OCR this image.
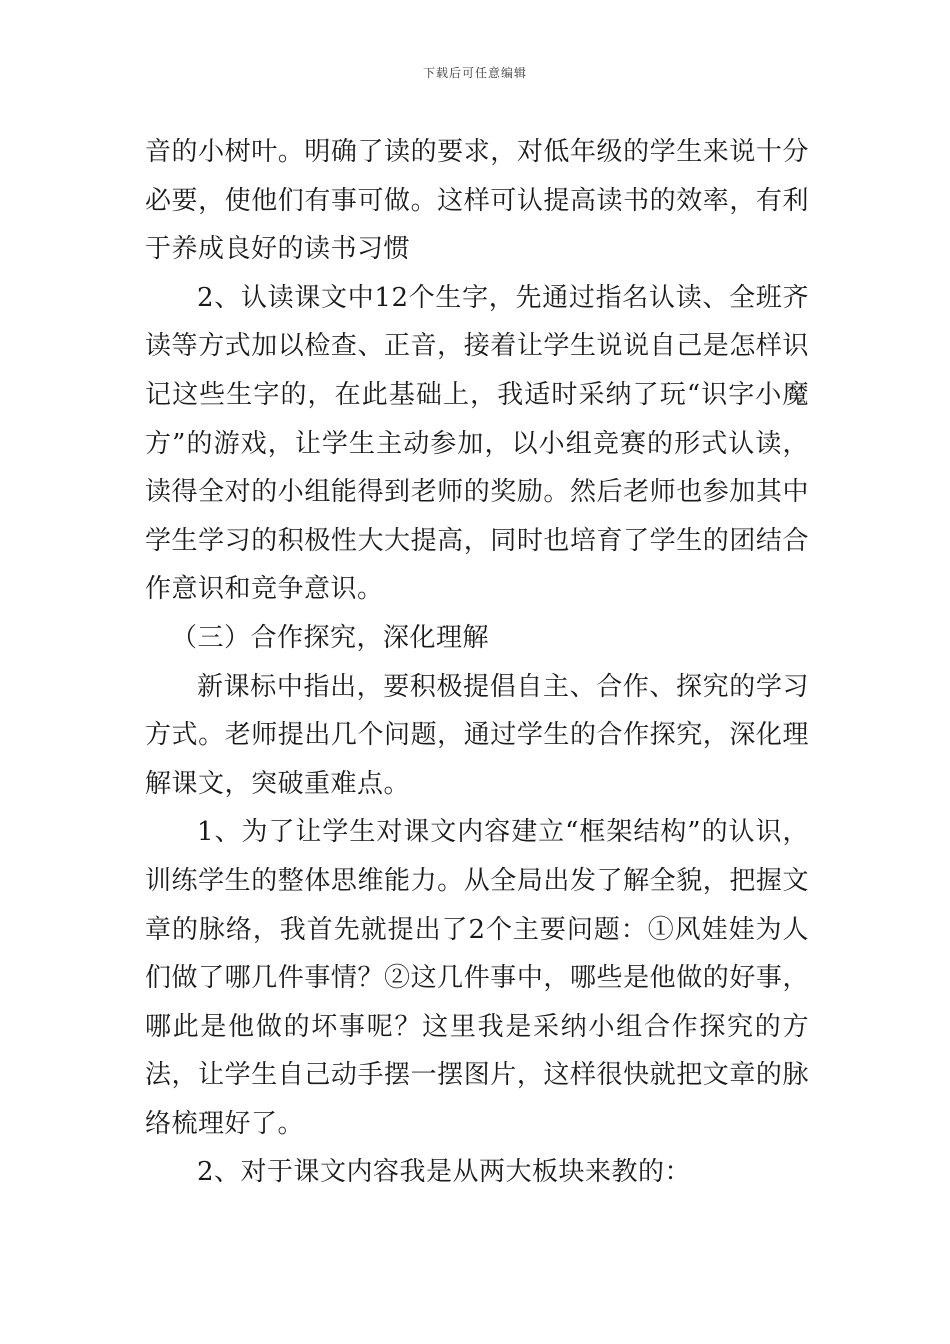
下载后可任意编辑

音的小树叶。明确了读的要求，对低年级的学生来说十分必要，使他们有事可做。这样可认提高读书的效率，有利于养成良好的读书习惯

2、认读课文中12个生字，先通过指名认读、全班齐读等方式加以检查、正音，接着让学生说说自己是怎样识记这些生字的，在此基础上，我适时采纳了玩“识字小魔方”的游戏，让学生主动参加，以小组竞赛的形式认读，读得全对的小组能得到老师的奖励。然后老师也参加其中学生学习的积极性大大提高，同时也培育了学生的团结合作意识和竞争意识。

（三）合作探究，深化理解

新课标中指出，要积极提倡自主、合作、探究的学习方式。老师提出几个问题，通过学生的合作探究，深化理解课文，突破重难点。

1、为了让学生对课文内容建立“框架结构”的认识，训练学生的整体思维能力。从全局出发了解全貌，把握文章的脉络，我首先就提出了2个主要问题：①风娃娃为人们做了哪几件事情？②这几件事中，哪些是他做的好事，哪此是他做的坏事呢？这里我是采纳小组合作探究的方法，让学生自己动手摆一摆图片，这样很快就把文章的脉络梳理好了。

2、对于课文内容我是从两大板块来教的：
